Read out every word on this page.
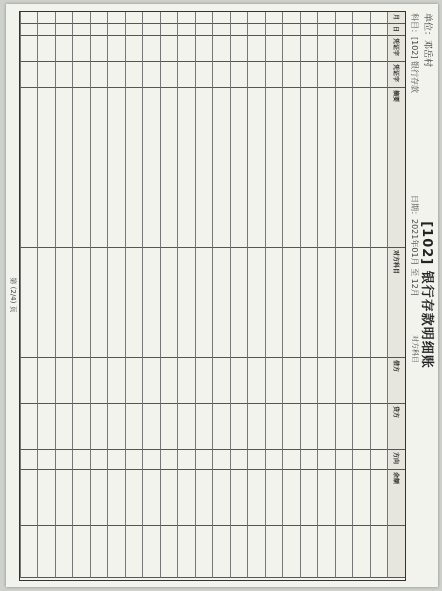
[102] 银行存款明细账
单位：邓岳村
科目：[102] 银行存款
日期：2021年01月 至 12月
对方科目
月
日
凭证字
凭证字
摘要
对方科目
借方
贷方
方向
余额
第 (2/4) 页
